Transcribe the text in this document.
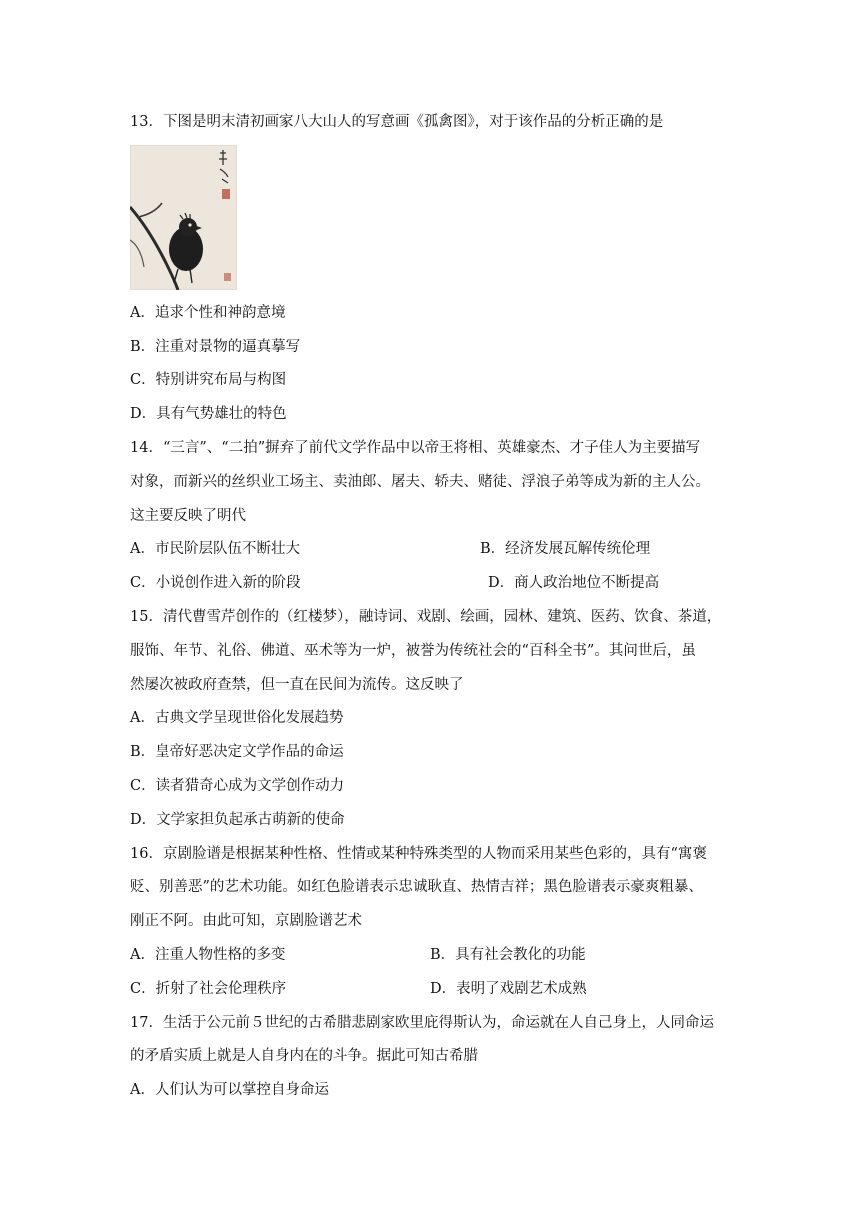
13．下图是明末清初画家八大山人的写意画《孤禽图》，对于该作品的分析正确的是
A．追求个性和神韵意境
B．注重对景物的逼真摹写
C．特别讲究布局与构图
D．具有气势雄壮的特色
14．“三言”、“二拍”摒弃了前代文学作品中以帝王将相、英雄豪杰、才子佳人为主要描写
对象，而新兴的丝织业工场主、卖油郎、屠夫、轿夫、赌徒、浮浪子弟等成为新的主人公。
这主要反映了明代
A．市民阶层队伍不断壮大	B．经济发展瓦解传统伦理
C．小说创作进入新的阶段	D．商人政治地位不断提高
15．清代曹雪芹创作的（红楼梦），融诗词、戏剧、绘画，园林、建筑、医药、饮食、茶道，
服饰、年节、礼俗、佛道、巫术等为一炉，被誉为传统社会的“百科全书”。其问世后，虽
然屡次被政府查禁，但一直在民间为流传。这反映了
A．古典文学呈现世俗化发展趋势
B．皇帝好恶决定文学作品的命运
C．读者猎奇心成为文学创作动力
D．文学家担负起承古萌新的使命
16．京剧脸谱是根据某种性格、性情或某种特殊类型的人物而采用某些色彩的，具有“寓褒
贬、别善恶”的艺术功能。如红色脸谱表示忠诚耿直、热情吉祥；黑色脸谱表示豪爽粗暴、
刚正不阿。由此可知，京剧脸谱艺术
A．注重人物性格的多变	B．具有社会教化的功能
C．折射了社会伦理秩序	D．表明了戏剧艺术成熟
17．生活于公元前５世纪的古希腊悲剧家欧里庇得斯认为，命运就在人自己身上，人同命运
的矛盾实质上就是人自身内在的斗争。据此可知古希腊
A．人们认为可以掌控自身命运
